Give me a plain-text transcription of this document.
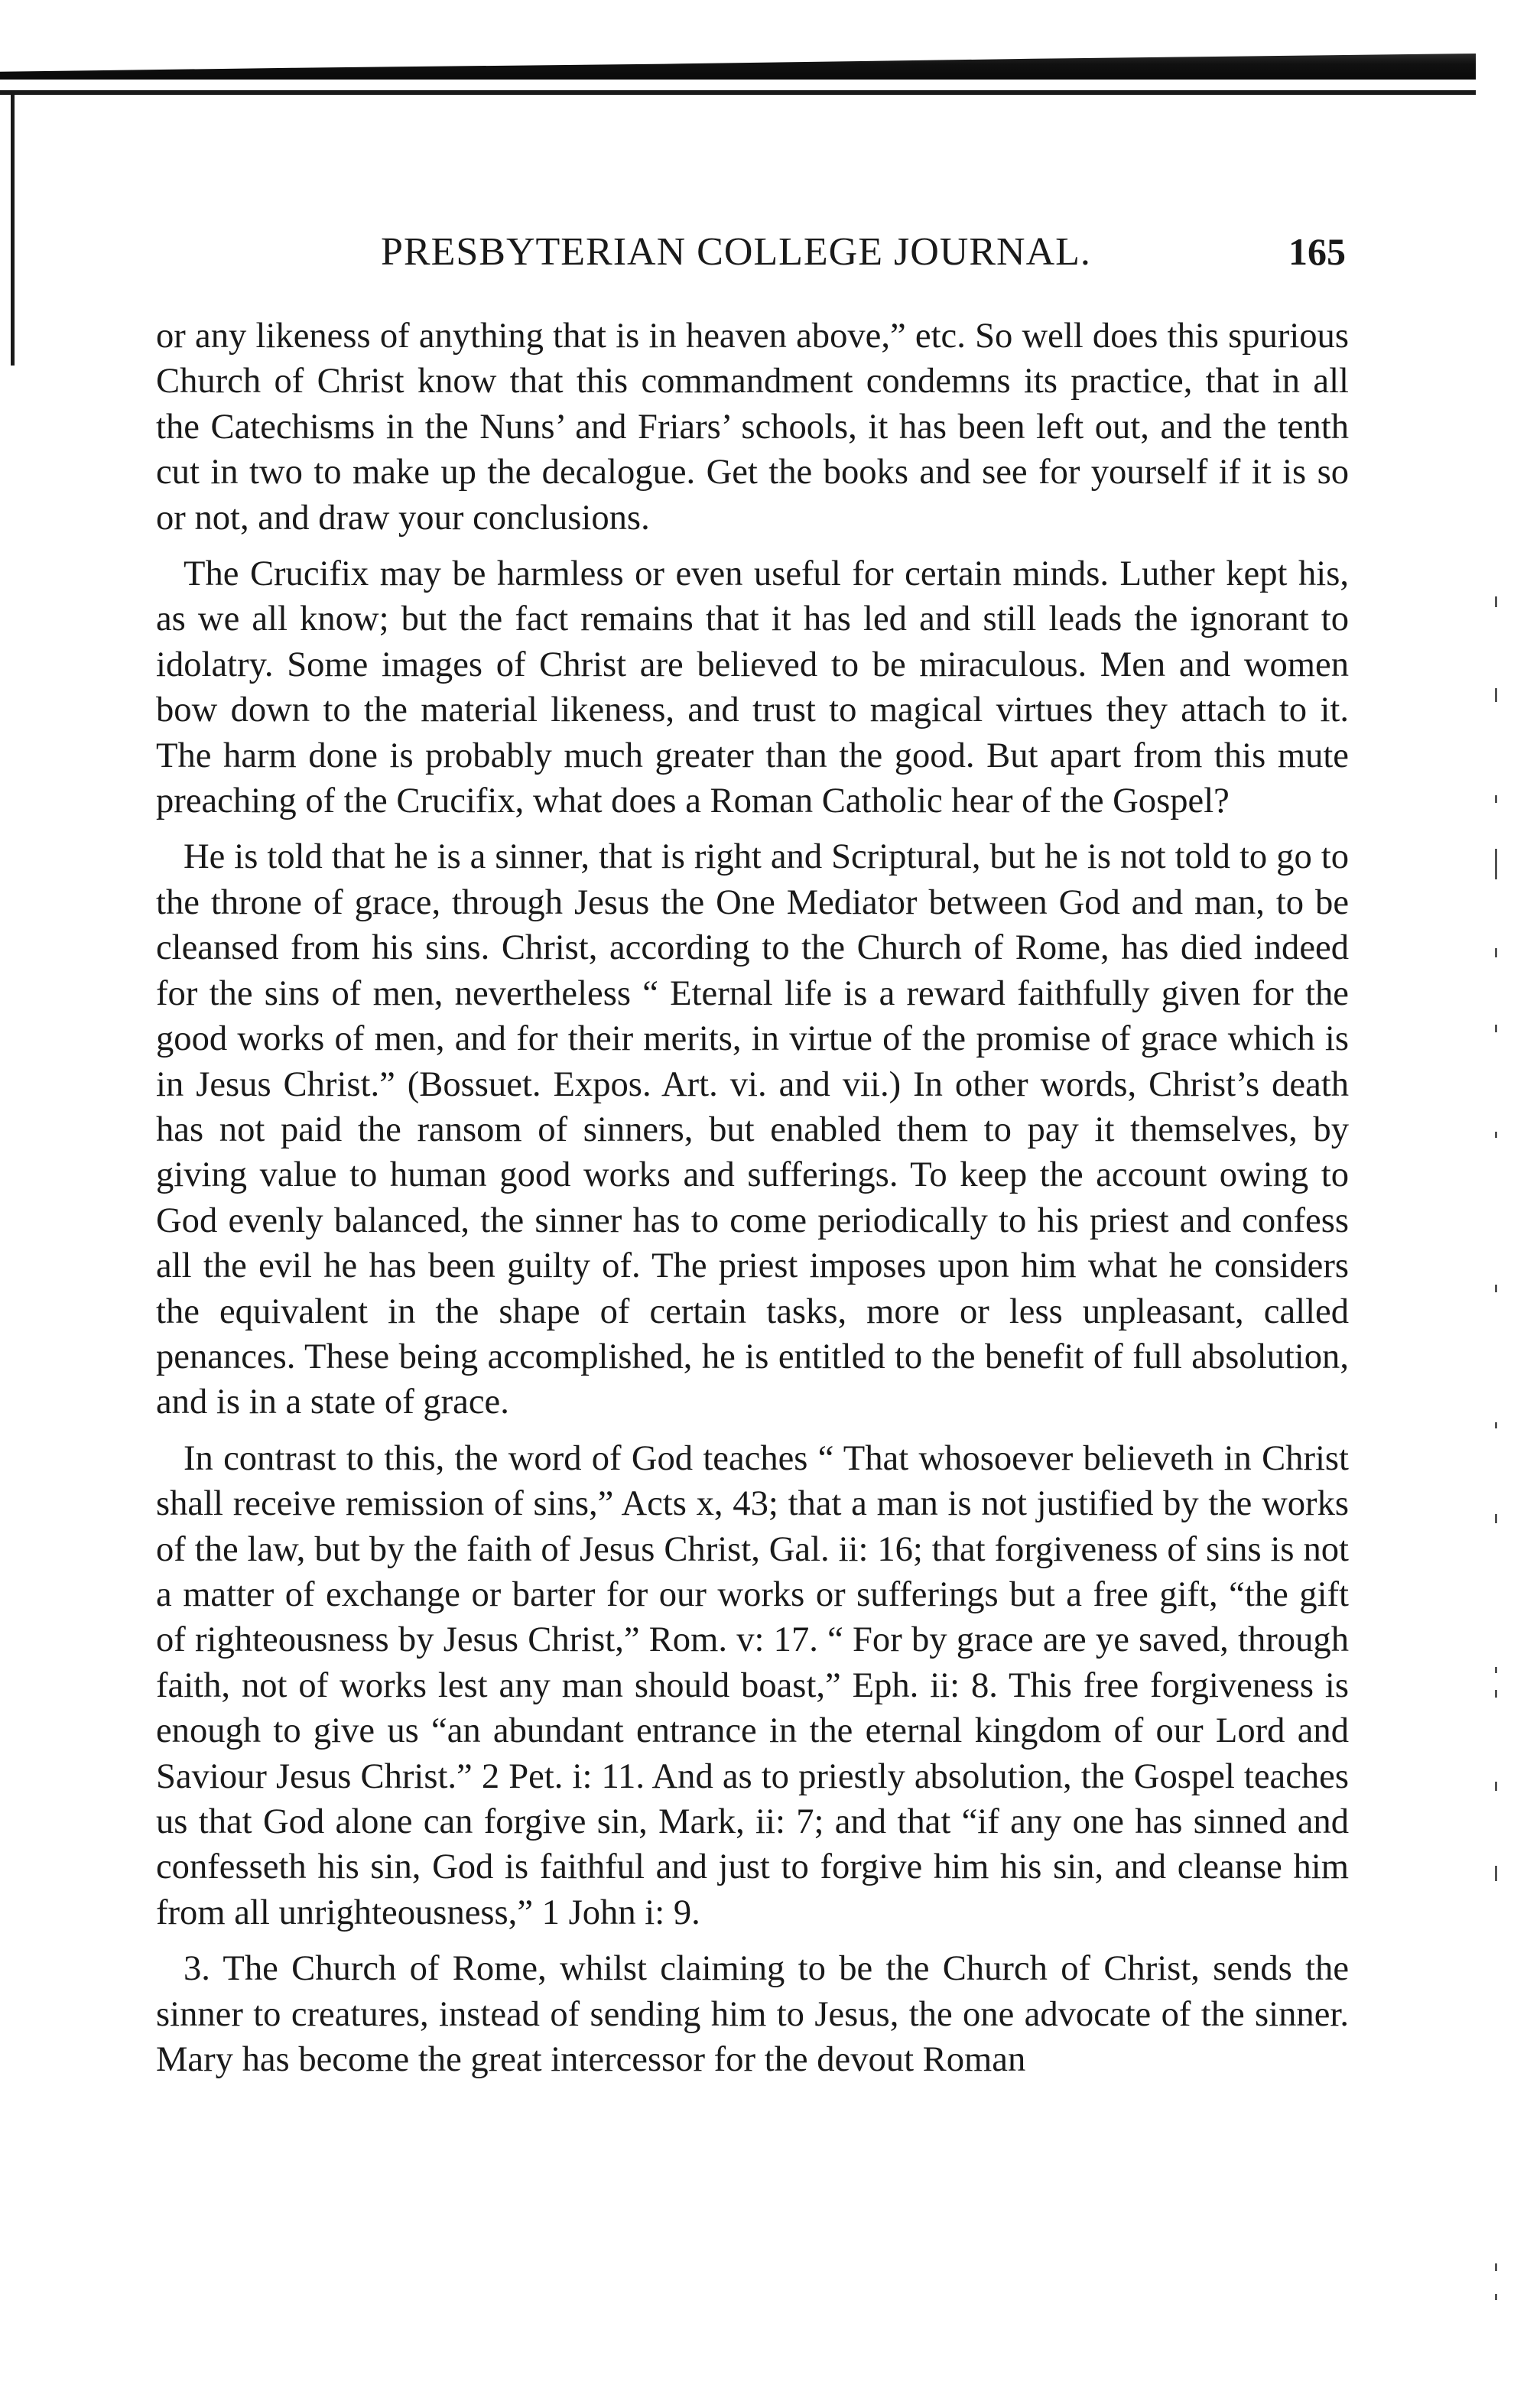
PRESBYTERIAN COLLEGE JOURNAL.	165

or any likeness of anything that is in heaven above,” etc. So well does this spurious Church of Christ know that this commandment condemns its practice, that in all the Catechisms in the Nuns’ and Friars’ schools, it has been left out, and the tenth cut in two to make up the decalogue. Get the books and see for yourself if it is so or not, and draw your conclusions.

The Crucifix may be harmless or even useful for certain minds. Luther kept his, as we all know; but the fact remains that it has led and still leads the ignorant to idolatry. Some images of Christ are believed to be miraculous. Men and women bow down to the material likeness, and trust to magical virtues they attach to it. The harm done is probably much greater than the good. But apart from this mute preaching of the Crucifix, what does a Roman Catholic hear of the Gospel?

He is told that he is a sinner, that is right and Scriptural, but he is not told to go to the throne of grace, through Jesus the One Mediator between God and man, to be cleansed from his sins. Christ, according to the Church of Rome, has died indeed for the sins of men, nevertheless “ Eternal life is a reward faithfully given for the good works of men, and for their merits, in virtue of the promise of grace which is in Jesus Christ.” (Bossuet. Expos. Art. vi. and vii.) In other words, Christ’s death has not paid the ransom of sinners, but enabled them to pay it themselves, by giving value to human good works and sufferings. To keep the account owing to God evenly balanced, the sinner has to come periodically to his priest and confess all the evil he has been guilty of. The priest imposes upon him what he considers the equivalent in the shape of certain tasks, more or less unpleasant, called penances. These being accomplished, he is entitled to the benefit of full absolution, and is in a state of grace.

In contrast to this, the word of God teaches “ That whosoever believeth in Christ shall receive remission of sins,” Acts x, 43; that a man is not justified by the works of the law, but by the faith of Jesus Christ, Gal. ii: 16; that forgiveness of sins is not a matter of exchange or barter for our works or sufferings but a free gift, “the gift of righteousness by Jesus Christ,” Rom. v: 17. “ For by grace are ye saved, through faith, not of works lest any man should boast,” Eph. ii: 8. This free forgiveness is enough to give us “an abundant entrance in the eternal kingdom of our Lord and Saviour Jesus Christ.” 2 Pet. i: 11. And as to priestly absolution, the Gospel teaches us that God alone can forgive sin, Mark, ii: 7; and that “if any one has sinned and confesseth his sin, God is faithful and just to forgive him his sin, and cleanse him from all unrighteousness,” 1 John i: 9.

3. The Church of Rome, whilst claiming to be the Church of Christ, sends the sinner to creatures, instead of sending him to Jesus, the one advocate of the sinner. Mary has become the great intercessor for the devout Roman
